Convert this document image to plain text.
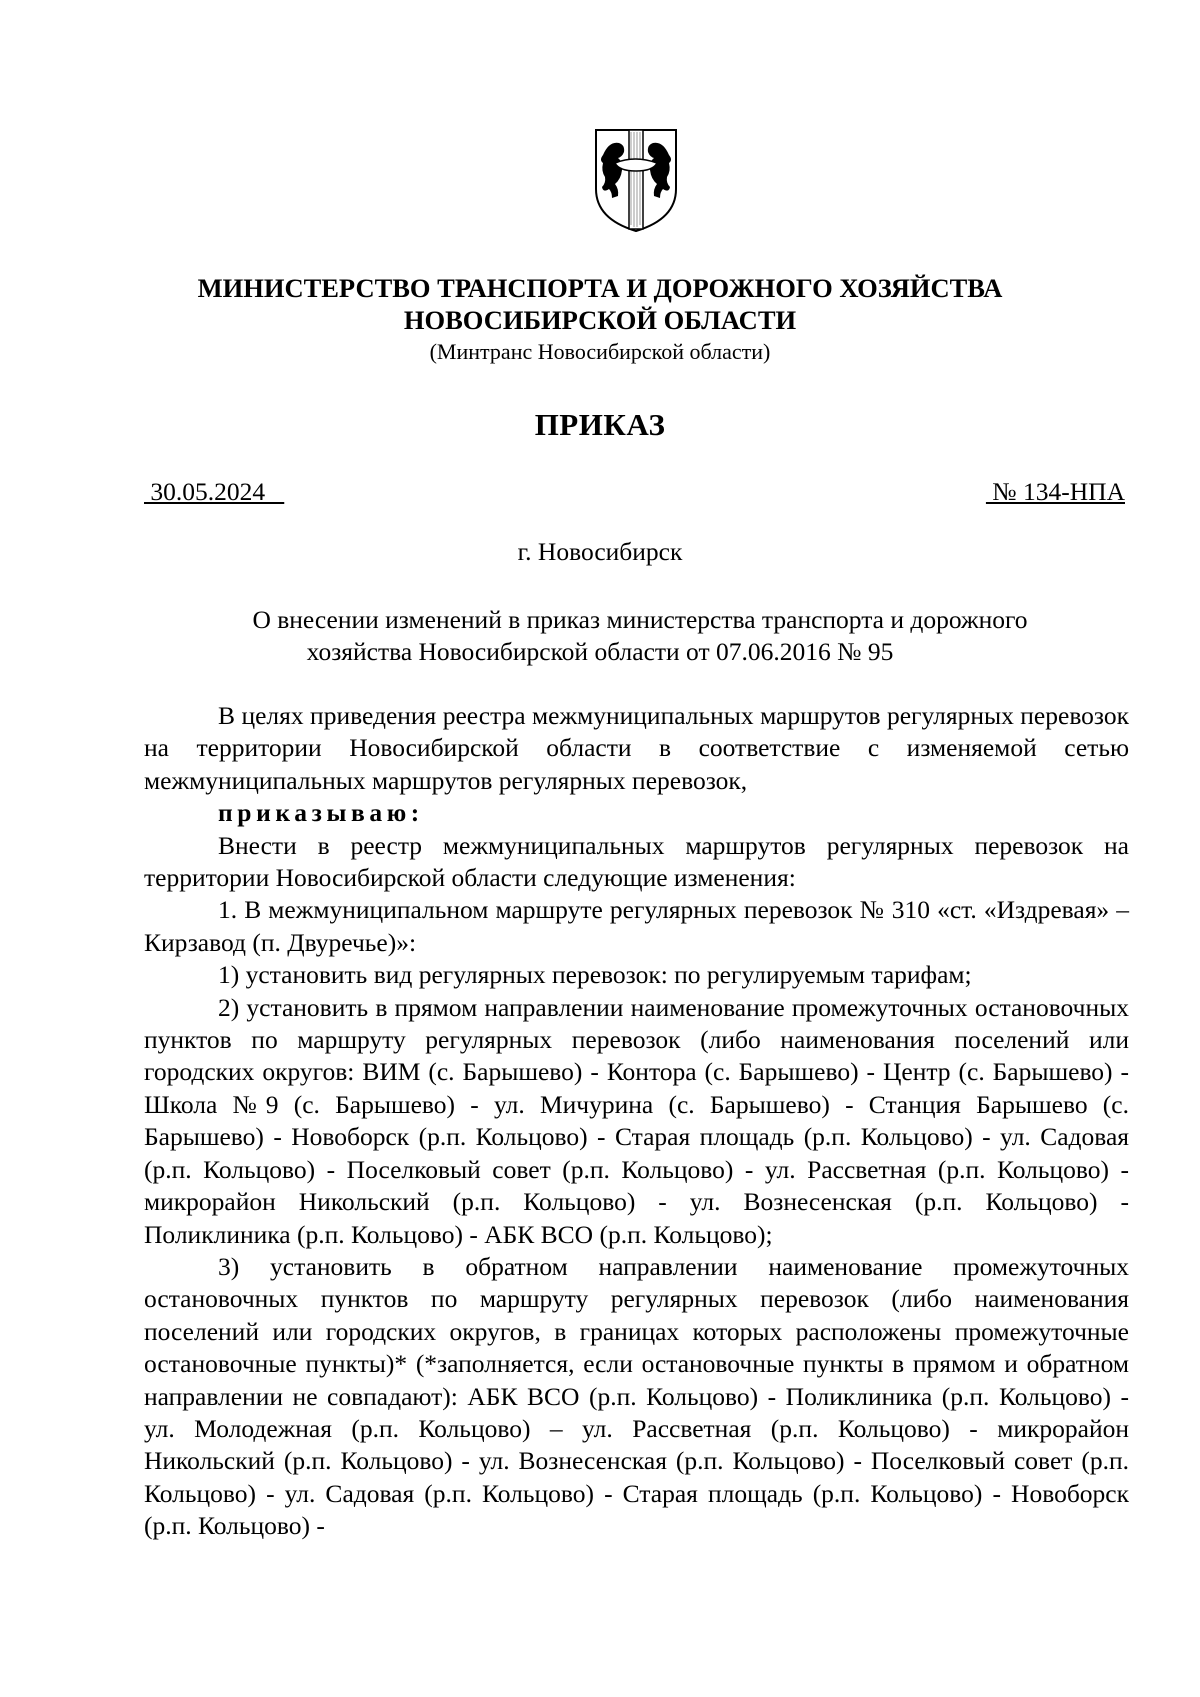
МИНИСТЕРСТВО ТРАНСПОРТА И ДОРОЖНОГО ХОЗЯЙСТВА
НОВОСИБИРСКОЙ ОБЛАСТИ
(Минтранс Новосибирской области)
ПРИКАЗ
30.05.2024	№ 134-НПА
г. Новосибирск
О внесении изменений в приказ министерства транспорта и дорожного
хозяйства Новосибирской области от 07.06.2016 № 95

В целях приведения реестра межмуниципальных маршрутов регулярных перевозок на территории Новосибирской области в соответствие с изменяемой сетью межмуниципальных маршрутов регулярных перевозок,

приказываю:

Внести в реестр межмуниципальных маршрутов регулярных перевозок на территории Новосибирской области следующие изменения:

1. В межмуниципальном маршруте регулярных перевозок № 310 «ст. «Издревая» – Кирзавод (п. Двуречье)»:

1) установить вид регулярных перевозок: по регулируемым тарифам;

2) установить в прямом направлении наименование промежуточных остановочных пунктов по маршруту регулярных перевозок (либо наименования поселений или городских округов: ВИМ (с. Барышево) - Контора (с. Барышево) - Центр (с. Барышево) - Школа №9 (с. Барышево) - ул. Мичурина (с. Барышево) - Станция Барышево (с. Барышево) - Новоборск (р.п. Кольцово) - Старая площадь (р.п. Кольцово) - ул. Садовая (р.п. Кольцово) - Поселковый совет (р.п. Кольцово) - ул. Рассветная (р.п. Кольцово) - микрорайон Никольский (р.п. Кольцово) - ул. Вознесенская (р.п. Кольцово) - Поликлиника (р.п. Кольцово) - АБК ВСО (р.п. Кольцово);

3) установить в обратном направлении наименование промежуточных остановочных пунктов по маршруту регулярных перевозок (либо наименования поселений или городских округов, в границах которых расположены промежуточные остановочные пункты)* (*заполняется, если остановочные пункты в прямом и обратном направлении не совпадают): АБК ВСО (р.п. Кольцово) - Поликлиника (р.п. Кольцово) - ул. Молодежная (р.п. Кольцово) – ул. Рассветная (р.п. Кольцово) - микрорайон Никольский (р.п. Кольцово) - ул. Вознесенская (р.п. Кольцово) - Поселковый совет (р.п. Кольцово) - ул. Садовая (р.п. Кольцово) - Старая площадь (р.п. Кольцово) - Новоборск (р.п. Кольцово) -
